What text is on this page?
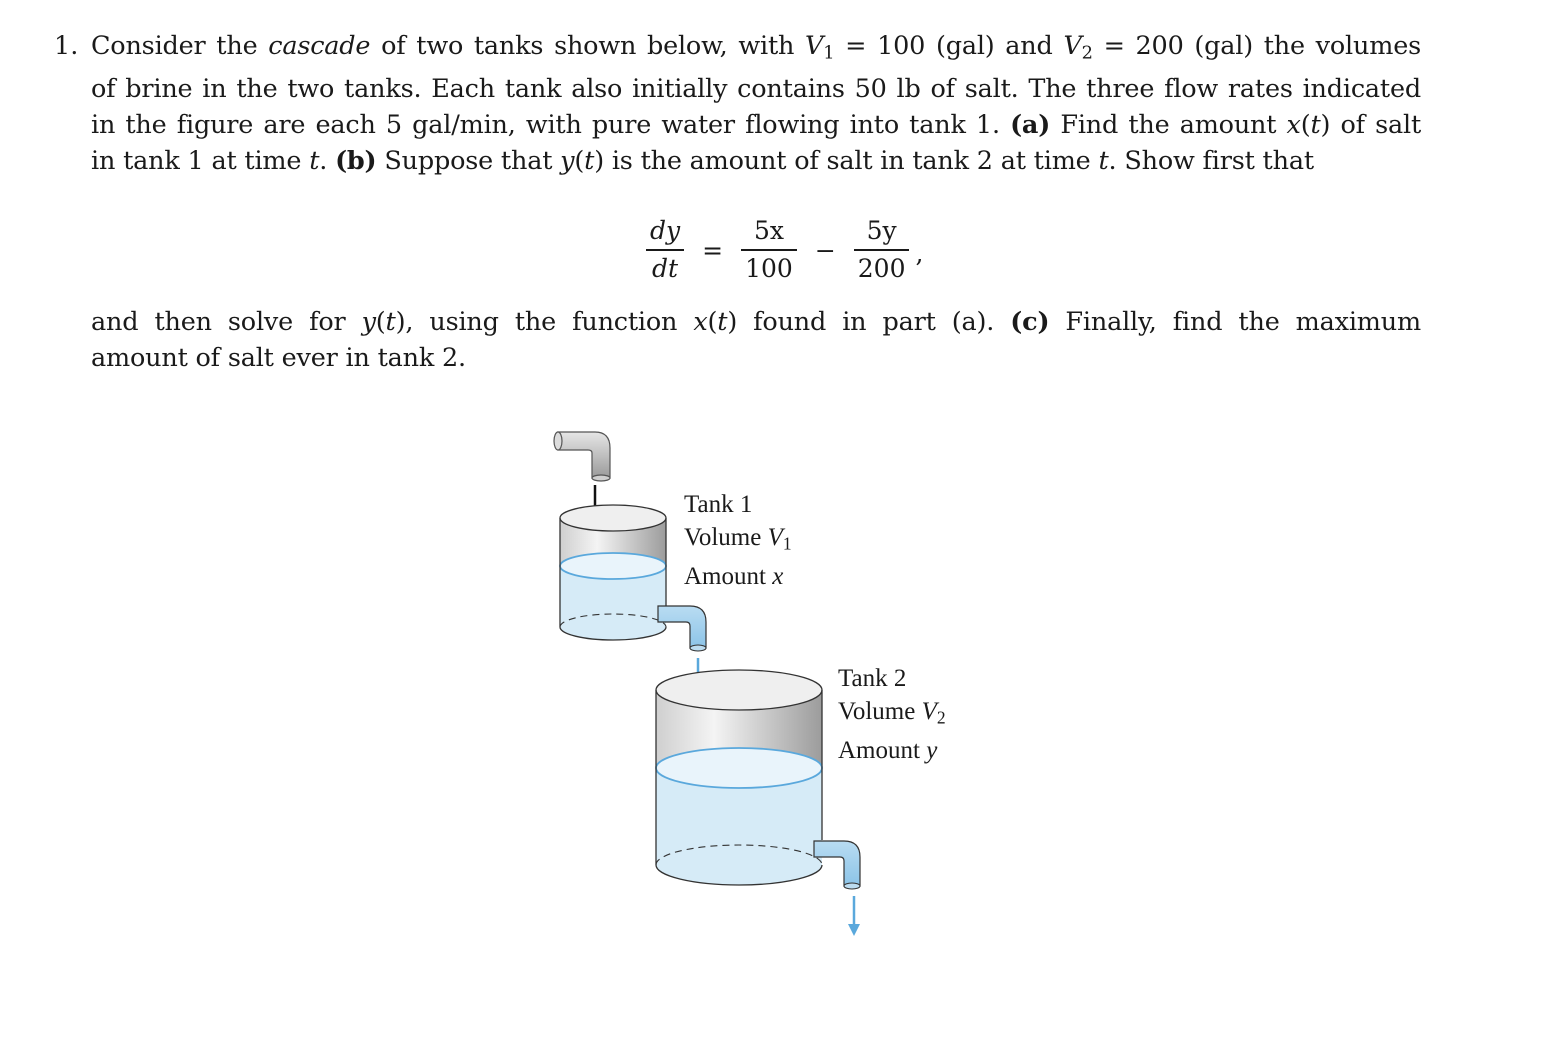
1. Consider the cascade of two tanks shown below, with $V_1 = 100$ (gal) and $V_2 = 200$ (gal) the volumes
of brine in the two tanks. Each tank also initially contains 50 lb of salt. The three flow rates indicated
in the figure are each 5 gal/min, with pure water flowing into tank 1. (a) Find the amount x(t) of salt
in tank 1 at time t. (b) Suppose that y(t) is the amount of salt in tank 2 at time t. Show first that
$\frac{dy}{dt} = \frac{5x}{100} - \frac{5y}{200}$ ,
and then solve for y(t), using the function x(t) found in part (a). (c) Finally, find the maximum
amount of salt ever in tank 2.
Tank 1
Volume $V_1$
Amount x
Tank 2
Volume $V_2$
Amount y
